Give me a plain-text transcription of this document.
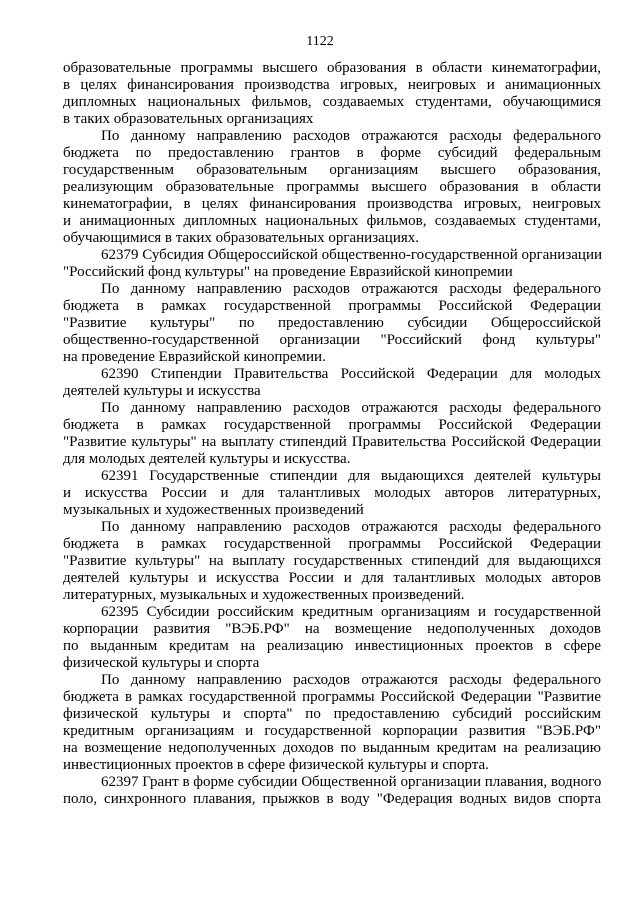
1122
образовательные программы высшего образования в области кинематографии,
в целях финансирования производства игровых, неигровых и анимационных
дипломных национальных фильмов, создаваемых студентами, обучающимися
в таких образовательных организациях
По данному направлению расходов отражаются расходы федерального
бюджета по предоставлению грантов в форме субсидий федеральным
государственным образовательным организациям высшего образования,
реализующим образовательные программы высшего образования в области
кинематографии, в целях финансирования производства игровых, неигровых
и анимационных дипломных национальных фильмов, создаваемых студентами,
обучающимися в таких образовательных организациях.
62379 Субсидия Общероссийской общественно-государственной организации
"Российский фонд культуры" на проведение Евразийской кинопремии
По данному направлению расходов отражаются расходы федерального
бюджета в рамках государственной программы Российской Федерации
"Развитие культуры" по предоставлению субсидии Общероссийской
общественно-государственной организации "Российский фонд культуры"
на проведение Евразийской кинопремии.
62390 Стипендии Правительства Российской Федерации для молодых
деятелей культуры и искусства
По данному направлению расходов отражаются расходы федерального
бюджета в рамках государственной программы Российской Федерации
"Развитие культуры" на выплату стипендий Правительства Российской Федерации
для молодых деятелей культуры и искусства.
62391 Государственные стипендии для выдающихся деятелей культуры
и искусства России и для талантливых молодых авторов литературных,
музыкальных и художественных произведений
По данному направлению расходов отражаются расходы федерального
бюджета в рамках государственной программы Российской Федерации
"Развитие культуры" на выплату государственных стипендий для выдающихся
деятелей культуры и искусства России и для талантливых молодых авторов
литературных, музыкальных и художественных произведений.
62395 Субсидии российским кредитным организациям и государственной
корпорации развития "ВЭБ.РФ" на возмещение недополученных доходов
по выданным кредитам на реализацию инвестиционных проектов в сфере
физической культуры и спорта
По данному направлению расходов отражаются расходы федерального
бюджета в рамках государственной программы Российской Федерации "Развитие
физической культуры и спорта" по предоставлению субсидий российским
кредитным организациям и государственной корпорации развития "ВЭБ.РФ"
на возмещение недополученных доходов по выданным кредитам на реализацию
инвестиционных проектов в сфере физической культуры и спорта.
62397 Грант в форме субсидии Общественной организации плавания, водного
поло, синхронного плавания, прыжков в воду "Федерация водных видов спорта
